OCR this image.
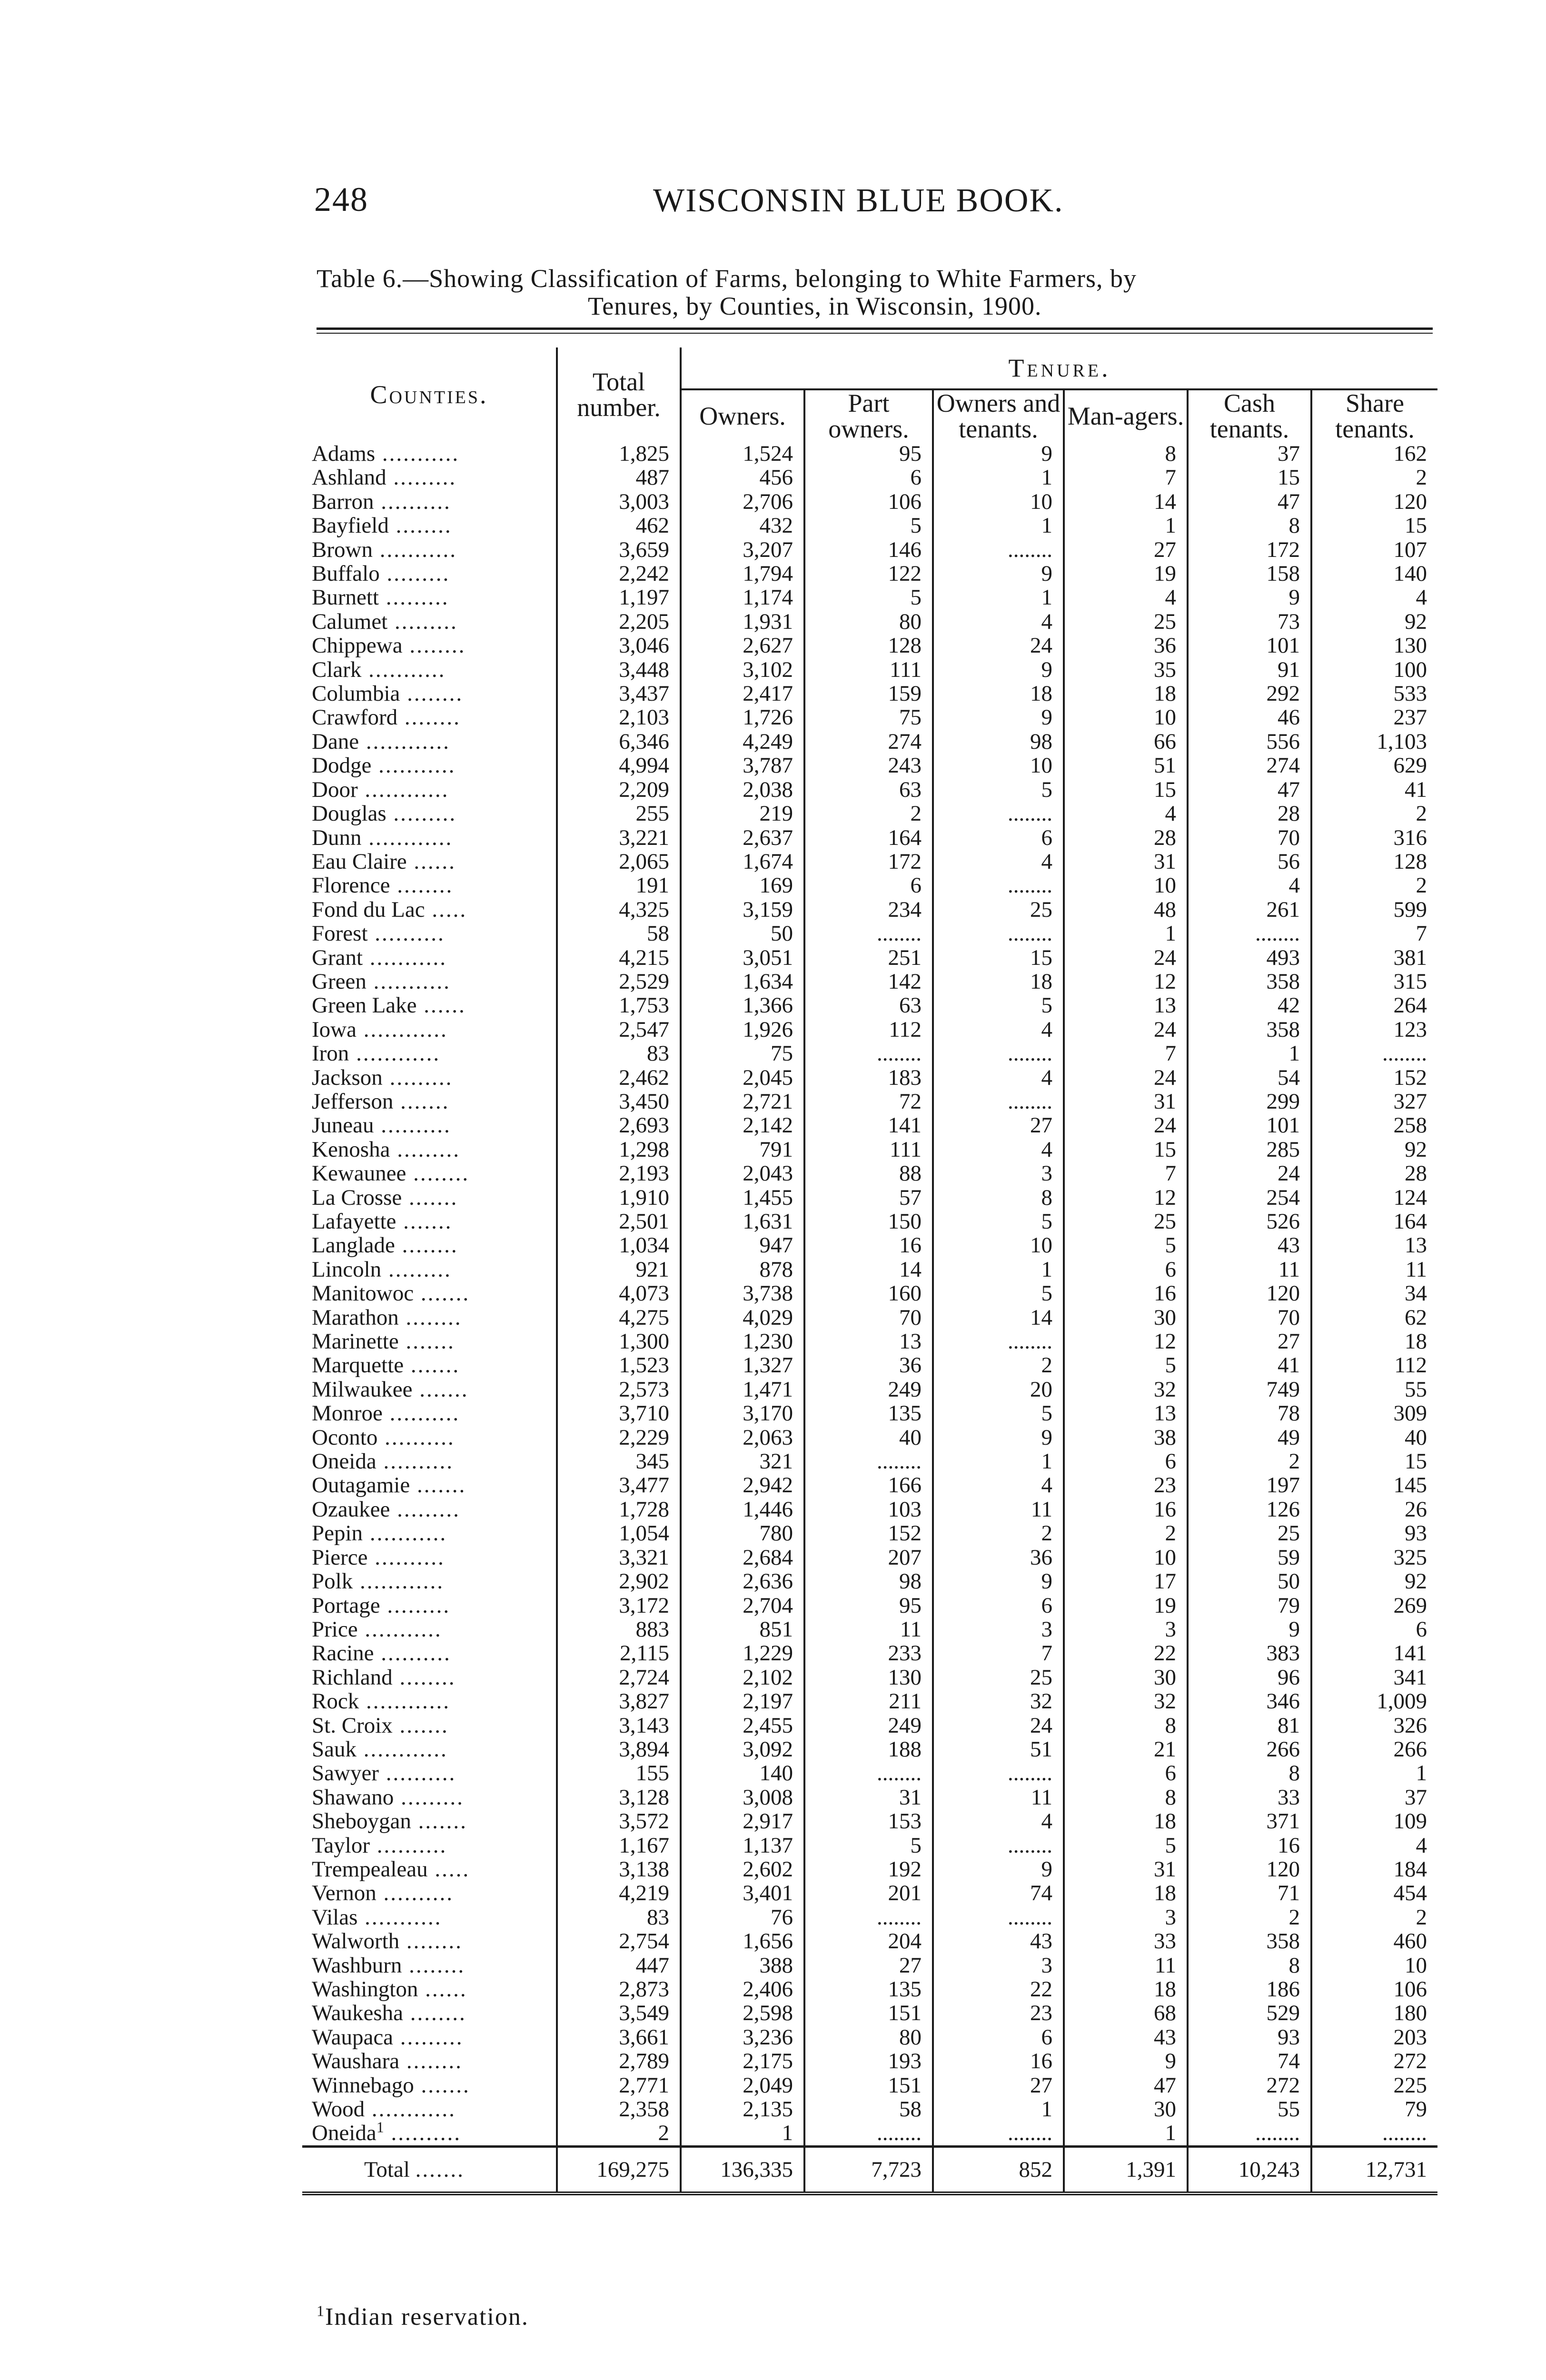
248	WISCONSIN BLUE BOOK.
Table 6.—Showing Classification of Farms, belonging to White Farmers, by
Tenures, by Counties, in Wisconsin, 1900.
Counties.	Total number.	Tenure.					
		Owners.	Part owners.	Owners and tenants.	Man-agers.	Cash tenants.	Share tenants.
Adams ...........	1,825	1,524	95	9	8	37	162
Ashland .........	487	456	6	1	7	15	2
Barron ..........	3,003	2,706	106	10	14	47	120
Bayfield ........	462	432	5	1	1	8	15
Brown ...........	3,659	3,207	146	........	27	172	107
Buffalo .........	2,242	1,794	122	9	19	158	140
Burnett .........	1,197	1,174	5	1	4	9	4
Calumet .........	2,205	1,931	80	4	25	73	92
Chippewa ........	3,046	2,627	128	24	36	101	130
Clark ...........	3,448	3,102	111	9	35	91	100
Columbia ........	3,437	2,417	159	18	18	292	533
Crawford ........	2,103	1,726	75	9	10	46	237
Dane ............	6,346	4,249	274	98	66	556	1,103
Dodge ...........	4,994	3,787	243	10	51	274	629
Door ............	2,209	2,038	63	5	15	47	41
Douglas .........	255	219	2	........	4	28	2
Dunn ............	3,221	2,637	164	6	28	70	316
Eau Claire ......	2,065	1,674	172	4	31	56	128
Florence ........	191	169	6	........	10	4	2
Fond du Lac .....	4,325	3,159	234	25	48	261	599
Forest ..........	58	50	........	........	1	........	7
Grant ...........	4,215	3,051	251	15	24	493	381
Green ...........	2,529	1,634	142	18	12	358	315
Green Lake ......	1,753	1,366	63	5	13	42	264
Iowa ............	2,547	1,926	112	4	24	358	123
Iron ............	83	75	........	........	7	1	........
Jackson .........	2,462	2,045	183	4	24	54	152
Jefferson .......	3,450	2,721	72	........	31	299	327
Juneau ..........	2,693	2,142	141	27	24	101	258
Kenosha .........	1,298	791	111	4	15	285	92
Kewaunee ........	2,193	2,043	88	3	7	24	28
La Crosse .......	1,910	1,455	57	8	12	254	124
Lafayette .......	2,501	1,631	150	5	25	526	164
Langlade ........	1,034	947	16	10	5	43	13
Lincoln .........	921	878	14	1	6	11	11
Manitowoc .......	4,073	3,738	160	5	16	120	34
Marathon ........	4,275	4,029	70	14	30	70	62
Marinette .......	1,300	1,230	13	........	12	27	18
Marquette .......	1,523	1,327	36	2	5	41	112
Milwaukee .......	2,573	1,471	249	20	32	749	55
Monroe ..........	3,710	3,170	135	5	13	78	309
Oconto ..........	2,229	2,063	40	9	38	49	40
Oneida ..........	345	321	........	1	6	2	15
Outagamie .......	3,477	2,942	166	4	23	197	145
Ozaukee .........	1,728	1,446	103	11	16	126	26
Pepin ...........	1,054	780	152	2	2	25	93
Pierce ..........	3,321	2,684	207	36	10	59	325
Polk ............	2,902	2,636	98	9	17	50	92
Portage .........	3,172	2,704	95	6	19	79	269
Price ...........	883	851	11	3	3	9	6
Racine ..........	2,115	1,229	233	7	22	383	141
Richland ........	2,724	2,102	130	25	30	96	341
Rock ............	3,827	2,197	211	32	32	346	1,009
St. Croix .......	3,143	2,455	249	24	8	81	326
Sauk ............	3,894	3,092	188	51	21	266	266
Sawyer ..........	155	140	........	........	6	8	1
Shawano .........	3,128	3,008	31	11	8	33	37
Sheboygan .......	3,572	2,917	153	4	18	371	109
Taylor ..........	1,167	1,137	5	........	5	16	4
Trempealeau .....	3,138	2,602	192	9	31	120	184
Vernon ..........	4,219	3,401	201	74	18	71	454
Vilas ...........	83	76	........	........	3	2	2
Walworth ........	2,754	1,656	204	43	33	358	460
Washburn ........	447	388	27	3	11	8	10
Washington ......	2,873	2,406	135	22	18	186	106
Waukesha ........	3,549	2,598	151	23	68	529	180
Waupaca .........	3,661	3,236	80	6	43	93	203
Waushara ........	2,789	2,175	193	16	9	74	272
Winnebago .......	2,771	2,049	151	27	47	272	225
Wood ............	2,358	2,135	58	1	30	55	79
Oneida$^1$ ..........	2	1	........	........	1	........	........
Total .......	169,275	136,335	7,723	852	1,391	10,243	12,731
$^1$Indian reservation.
